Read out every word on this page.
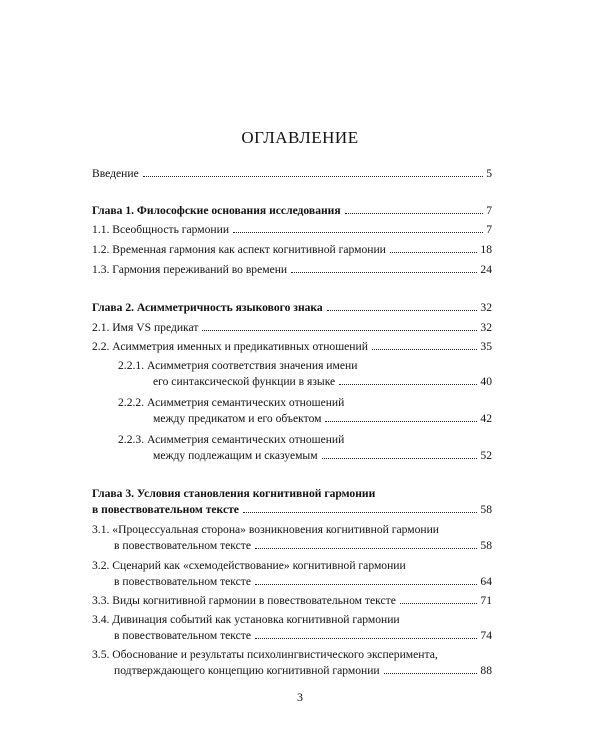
ОГЛАВЛЕНИЕ
Введение	5
Глава 1. Философские основания исследования	7
1.1. Всеобщность гармонии	7
1.2. Временная гармония как аспект когнитивной гармонии	18
1.3. Гармония переживаний во времени	24
Глава 2. Асимметричность языкового знака	32
2.1. Имя VS предикат	32
2.2. Асимметрия именных и предикативных отношений	35
2.2.1. Асимметрия соответствия значения имени
его синтаксической функции в языке	40
2.2.2. Асимметрия семантических отношений
между предикатом и его объектом	42
2.2.3. Асимметрия семантических отношений
между подлежащим и сказуемым	52
Глава 3. Условия становления когнитивной гармонии
в повествовательном тексте	58
3.1. «Процессуальная сторона» возникновения когнитивной гармонии
в повествовательном тексте	58
3.2. Сценарий как «схемодействование» когнитивной гармонии
в повествовательном тексте	64
3.3. Виды когнитивной гармонии в повествовательном тексте	71
3.4. Дивинация событий как установка когнитивной гармонии
в повествовательном тексте	74
3.5. Обоснование и результаты психолингвистического эксперимента,
подтверждающего концепцию когнитивной гармонии	88
3
